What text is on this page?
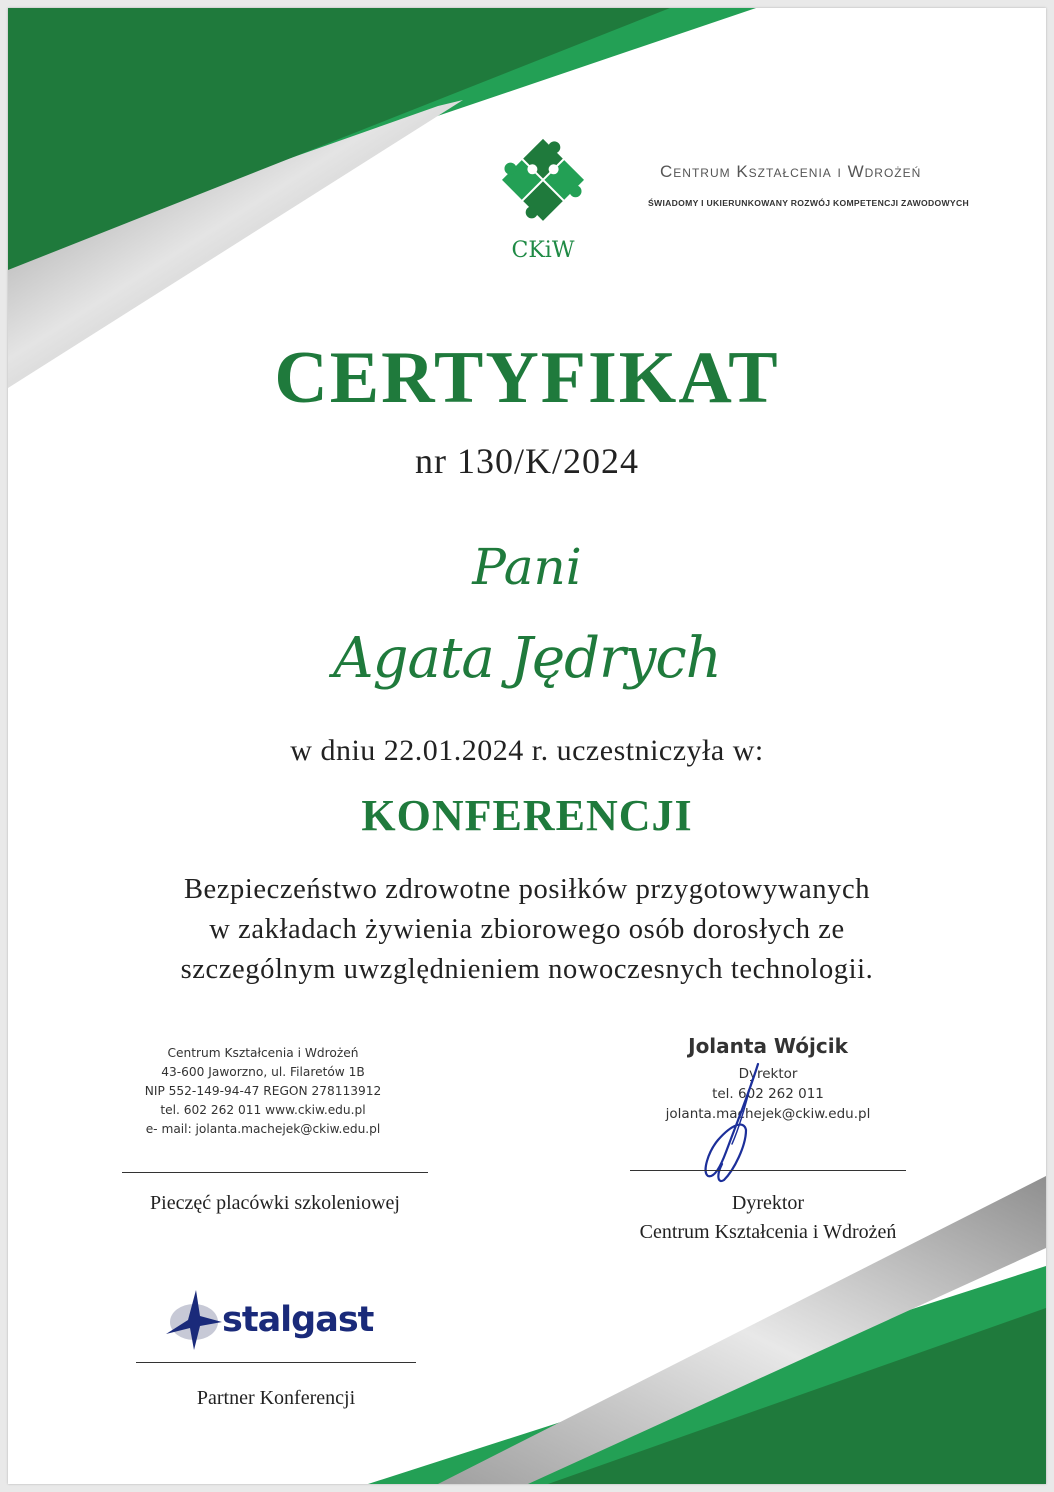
CKiW
Centrum Kształcenia i Wdrożeń
ŚWIADOMY I UKIERUNKOWANY ROZWÓJ KOMPETENCJI ZAWODOWYCH
CERTYFIKAT
nr 130/K/2024
Pani
Agata Jędrych
w dniu 22.01.2024 r. uczestniczyła w:
KONFERENCJI
Bezpieczeństwo zdrowotne posiłków przygotowywanych
w zakładach żywienia zbiorowego osób dorosłych ze
szczególnym uwzględnieniem nowoczesnych technologii.
Centrum Kształcenia i Wdrożeń
43-600 Jaworzno, ul. Filaretów 1B
NIP 552-149-94-47 REGON 278113912
tel. 602 262 011 www.ckiw.edu.pl
e- mail: jolanta.machejek@ckiw.edu.pl
Pieczęć placówki szkoleniowej
Jolanta Wójcik
Dyrektor
tel. 602 262 011
jolanta.machejek@ckiw.edu.pl
Dyrektor
Centrum Kształcenia i Wdrożeń
stalgast
Partner Konferencji
